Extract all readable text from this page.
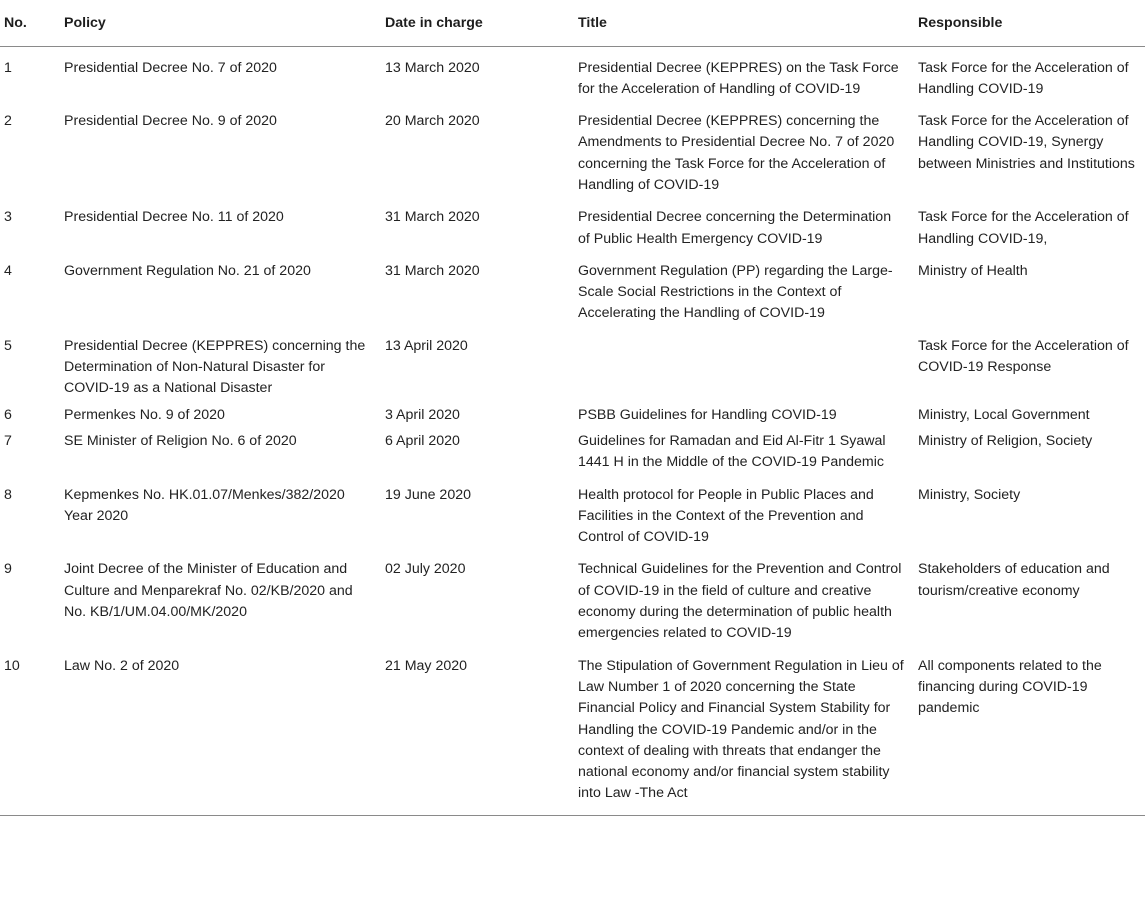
No.	Policy	Date in charge	Title	Responsible
1	Presidential Decree No. 7 of 2020	13 March 2020	Presidential Decree (KEPPRES) on the Task Force for the Acceleration of Handling of COVID-19	Task Force for the Acceleration of Handling COVID-19
2	Presidential Decree No. 9 of 2020	20 March 2020	Presidential Decree (KEPPRES) concerning the Amendments to Presidential Decree No. 7 of 2020 concerning the Task Force for the Acceleration of Handling of COVID-19	Task Force for the Acceleration of Handling COVID-19, Synergy between Ministries and Institutions
3	Presidential Decree No. 11 of 2020	31 March 2020	Presidential Decree concerning the Determination of Public Health Emergency COVID-19	Task Force for the Acceleration of Handling COVID-19,
4	Government Regulation No. 21 of 2020	31 March 2020	Government Regulation (PP) regarding the Large-Scale Social Restrictions in the Context of Accelerating the Handling of COVID-19	Ministry of Health
5	Presidential Decree (KEPPRES) concerning the Determination of Non-Natural Disaster for COVID-19 as a National Disaster	13 April 2020		Task Force for the Acceleration of COVID-19 Response
6	Permenkes No. 9 of 2020	3 April 2020	PSBB Guidelines for Handling COVID-19	Ministry, Local Government
7	SE Minister of Religion No. 6 of 2020	6 April 2020	Guidelines for Ramadan and Eid Al-Fitr 1 Syawal 1441 H in the Middle of the COVID-19 Pandemic	Ministry of Religion, Society
8	Kepmenkes No. HK.01.07/Menkes/382/2020 Year 2020	19 June 2020	Health protocol for People in Public Places and Facilities in the Context of the Prevention and Control of COVID-19	Ministry, Society
9	Joint Decree of the Minister of Education and Culture and Menparekraf No. 02/KB/2020 and No. KB/1/UM.04.00/MK/2020	02 July 2020	Technical Guidelines for the Prevention and Control of COVID-19 in the field of culture and creative economy during the determination of public health emergencies related to COVID-19	Stakeholders of education and tourism/creative economy
10	Law No. 2 of 2020	21 May 2020	The Stipulation of Government Regulation in Lieu of Law Number 1 of 2020 concerning the State Financial Policy and Financial System Stability for Handling the COVID-19 Pandemic and/or in the context of dealing with threats that endanger the national economy and/or financial system stability into Law -The Act	All components related to the financing during COVID-19 pandemic
